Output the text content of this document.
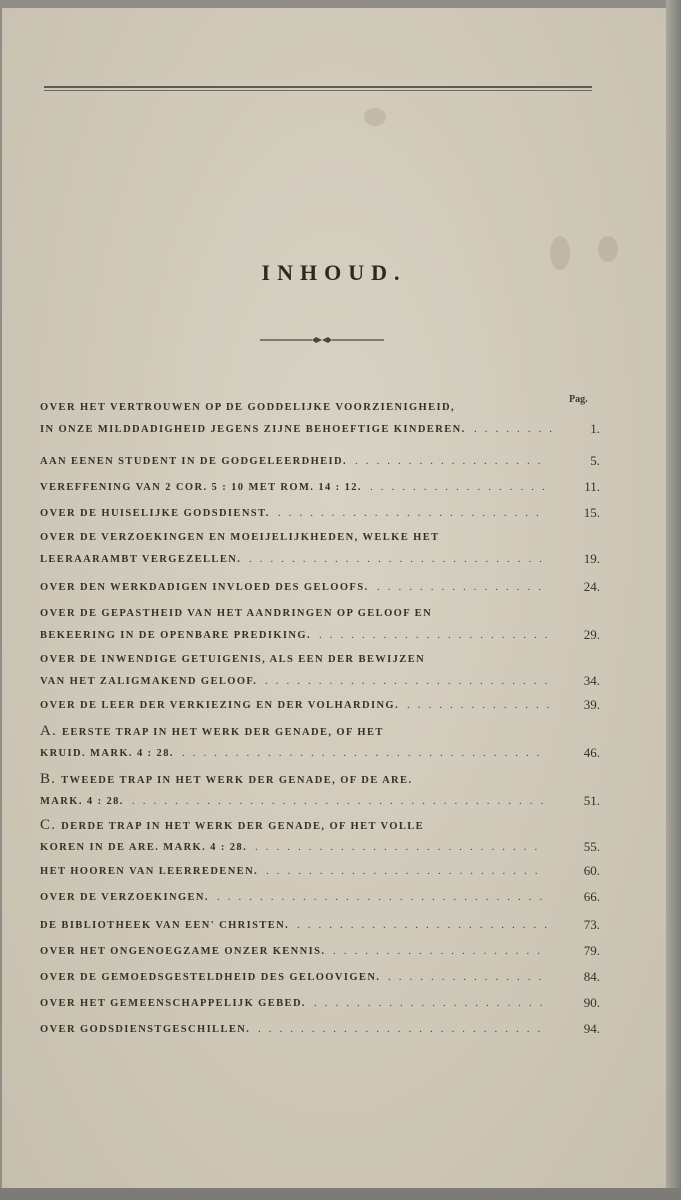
INHOUD.
Pag.
OVER HET VERTROUWEN OP DE GODDELIJKE VOORZIENIGHEID,
IN ONZE MILDDADIGHEID JEGENS ZIJNE BEHOEFTIGE KINDEREN.	1.
........
AAN EENEN STUDENT IN DE GODGELEERDHEID.	5.
..................
VEREFFENING VAN 2 COR. 5 : 10 MET ROM. 14 : 12.	11.
.................
OVER DE HUISELIJKE GODSDIENST.	15.
.........................
OVER DE VERZOEKINGEN EN MOEIJELIJKHEDEN, WELKE HET
LEERAARAMBT VERGEZELLEN.	19.
............................
OVER DEN WERKDADIGEN INVLOED DES GELOOFS.	24.
................
OVER DE GEPASTHEID VAN HET AANDRINGEN OP GELOOF EN
BEKEERING IN DE OPENBARE PREDIKING.	29.
......................
OVER DE INWENDIGE GETUIGENIS, ALS EEN DER BEWIJZEN
VAN HET ZALIGMAKEND GELOOF.	34.
...........................
OVER DE LEER DER VERKIEZING EN DER VOLHARDING.	39.
..............
A. EERSTE TRAP IN HET WERK DER GENADE, OF HET
KRUID. MARK. 4 : 28.	46.
..................................
B. TWEEDE TRAP IN HET WERK DER GENADE, OF DE ARE.
MARK. 4 : 28.	51.
.......................................
C. DERDE TRAP IN HET WERK DER GENADE, OF HET VOLLE
KOREN IN DE ARE. MARK. 4 : 28.	55.
...........................
HET HOOREN VAN LEERREDENEN.	60.
..........................
OVER DE VERZOEKINGEN.	66.
...............................
DE BIBLIOTHEEK VAN EEN' CHRISTEN.	73.
........................
OVER HET ONGENOEGZAME ONZER KENNIS.	79.
....................
OVER DE GEMOEDSGESTELDHEID DES GELOOVIGEN.	84.
...............
OVER HET GEMEENSCHAPPELIJK GEBED.	90.
......................
OVER GODSDIENSTGESCHILLEN.	94.
...........................
